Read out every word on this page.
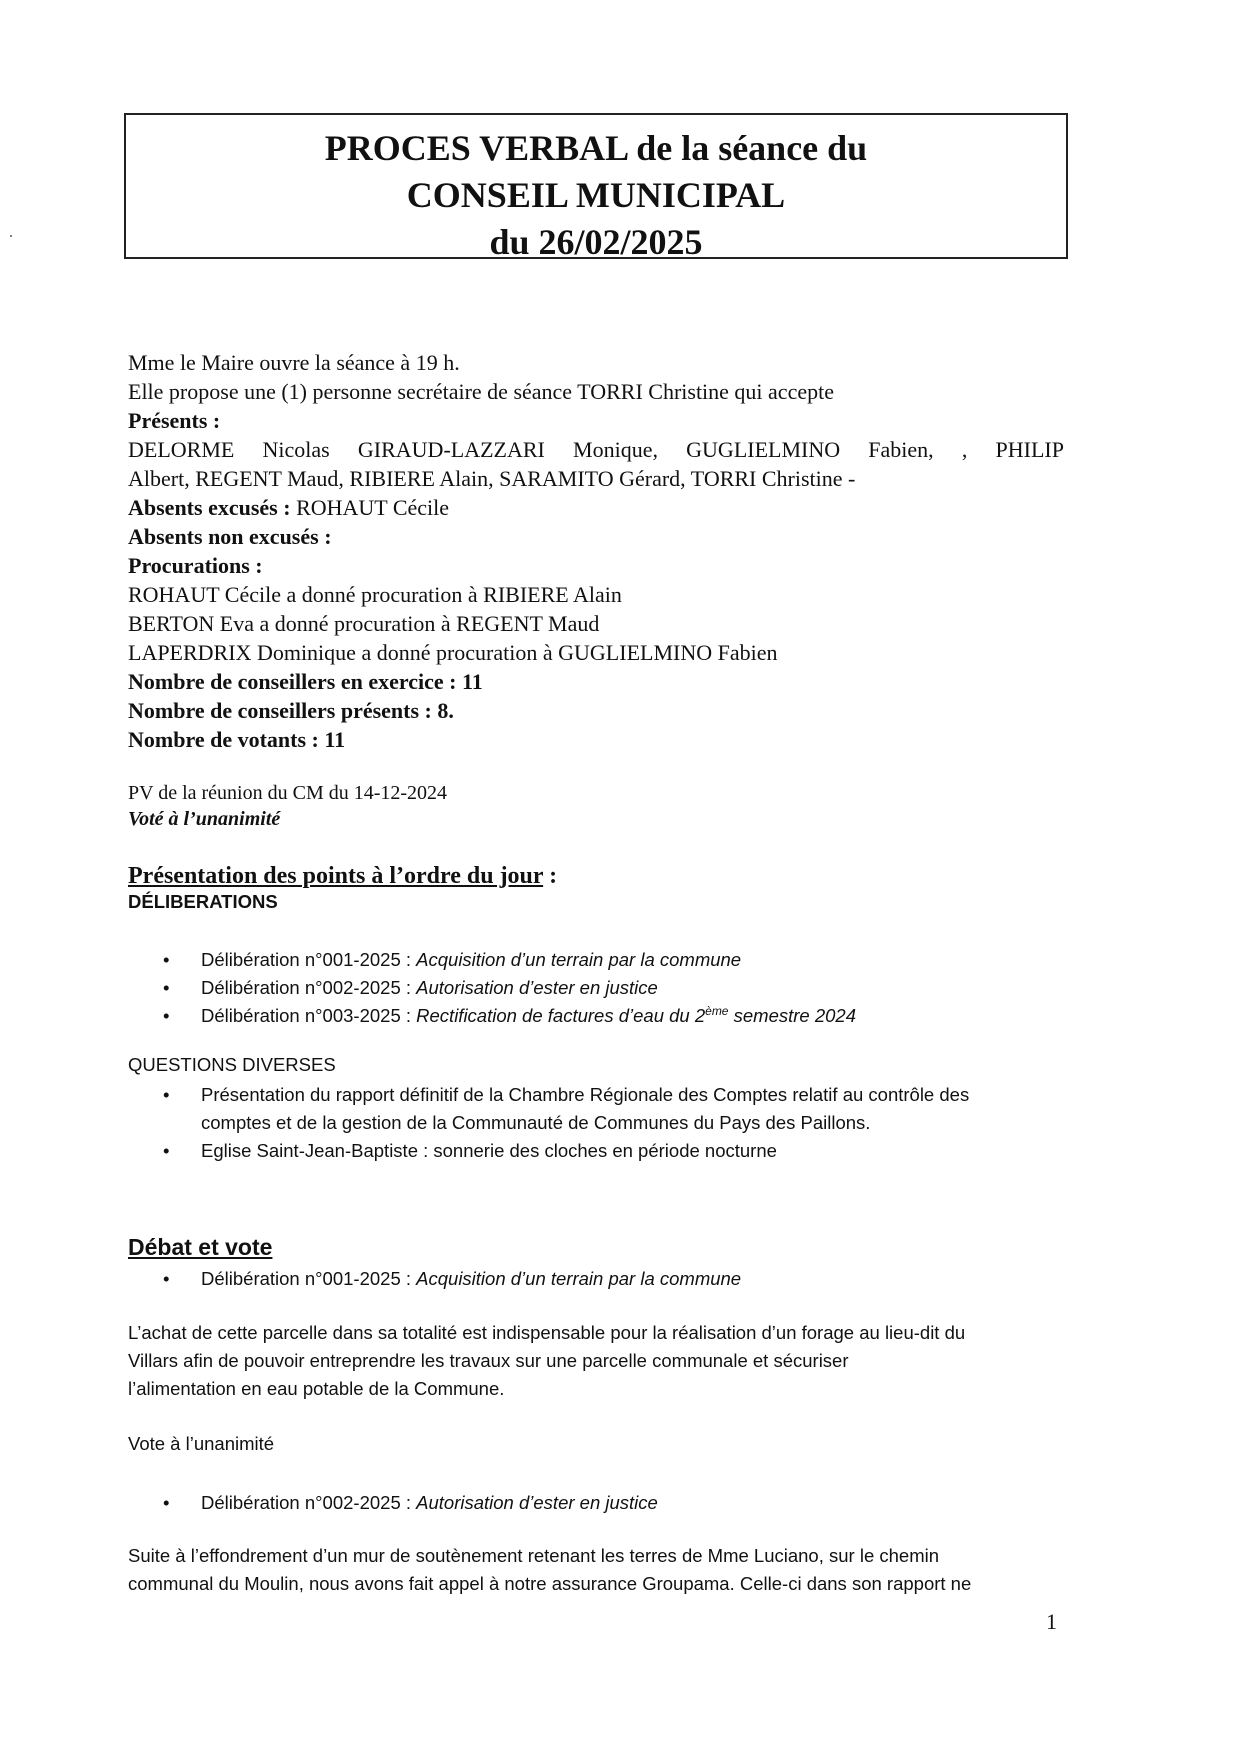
PROCES VERBAL de la séance du
CONSEIL MUNICIPAL
du 26/02/2025
Mme le Maire ouvre la séance à 19 h.
Elle propose une (1) personne secrétaire de séance TORRI Christine qui accepte
Présents :
DELORME Nicolas GIRAUD-LAZZARI Monique, GUGLIELMINO Fabien, , PHILIP
Albert, REGENT Maud, RIBIERE Alain, SARAMITO Gérard, TORRI Christine -
Absents excusés : ROHAUT Cécile
Absents non excusés :
Procurations :
ROHAUT Cécile a donné procuration à RIBIERE Alain
BERTON Eva a donné procuration à REGENT Maud
LAPERDRIX Dominique a donné procuration à GUGLIELMINO Fabien
Nombre de conseillers en exercice : 11
Nombre de conseillers présents : 8.
Nombre de votants : 11
PV de la réunion du CM du 14-12-2024
Voté à l’unanimité
Présentation des points à l’ordre du jour :
DÉLIBERATIONS
• Délibération n°001-2025 : Acquisition d’un terrain par la commune
• Délibération n°002-2025 : Autorisation d’ester en justice
• Délibération n°003-2025 : Rectification de factures d’eau du 2ème semestre 2024
QUESTIONS DIVERSES
• Présentation du rapport définitif de la Chambre Régionale des Comptes relatif au contrôle des
comptes et de la gestion de la Communauté de Communes du Pays des Paillons.
• Eglise Saint-Jean-Baptiste : sonnerie des cloches en période nocturne
Débat et vote
• Délibération n°001-2025 : Acquisition d’un terrain par la commune
L’achat de cette parcelle dans sa totalité est indispensable pour la réalisation d’un forage au lieu-dit du
Villars afin de pouvoir entreprendre les travaux sur une parcelle communale et sécuriser
l’alimentation en eau potable de la Commune.
Vote à l’unanimité
• Délibération n°002-2025 : Autorisation d’ester en justice
Suite à l’effondrement d’un mur de soutènement retenant les terres de Mme Luciano, sur le chemin
communal du Moulin, nous avons fait appel à notre assurance Groupama. Celle-ci dans son rapport ne
1
